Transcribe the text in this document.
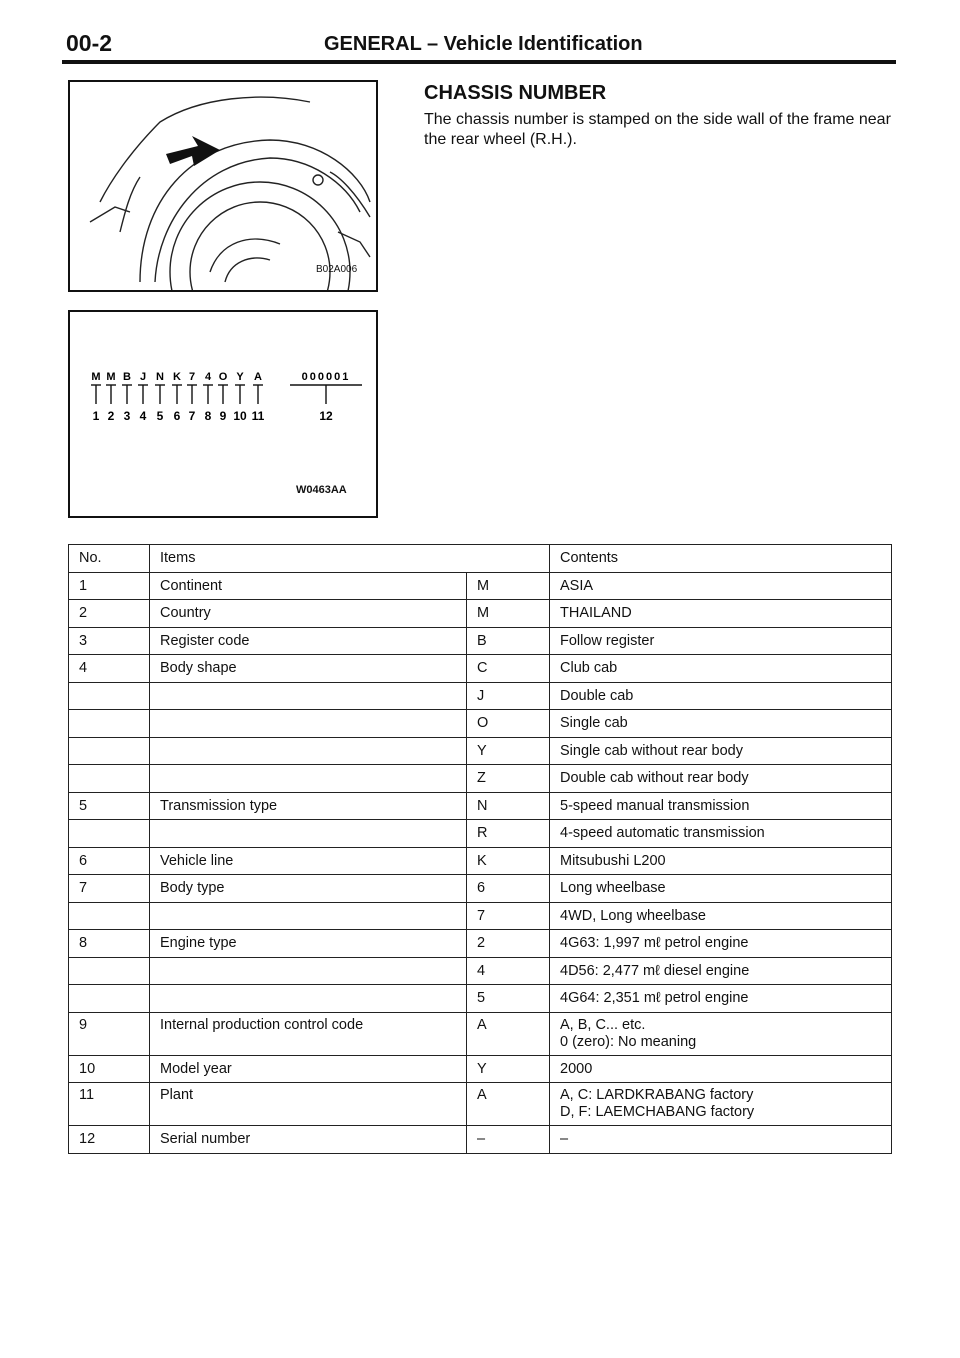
00-2	GENERAL – Vehicle Identification
B02A006
M
1
M
2
B
3
J
4
N
5
K
6
7
7
4
8
O
9
Y
10
A
11
000001
12
W0463AA
CHASSIS NUMBER
The chassis number is stamped on the side wall of the frame near the rear wheel (R.H.).
No.	Items		Contents
1	Continent	M	ASIA
2	Country	M	THAILAND
3	Register code	B	Follow register
4	Body shape	C	Club cab
		J	Double cab
		O	Single cab
		Y	Single cab without rear body
		Z	Double cab without rear body
5	Transmission type	N	5-speed manual transmission
		R	4-speed automatic transmission
6	Vehicle line	K	Mitsubushi L200
7	Body type	6	Long wheelbase
		7	4WD, Long wheelbase
8	Engine type	2	4G63: 1,997 mℓ petrol engine
		4	4D56: 2,477 mℓ diesel engine
		5	4G64: 2,351 mℓ petrol engine
9	Internal production control code	A	A, B, C... etc.
0 (zero): No meaning

10	Model year	Y	2000
11	Plant	A	A, C: LARDKRABANG factory
D, F: LAEMCHABANG factory

12	Serial number	–	–
